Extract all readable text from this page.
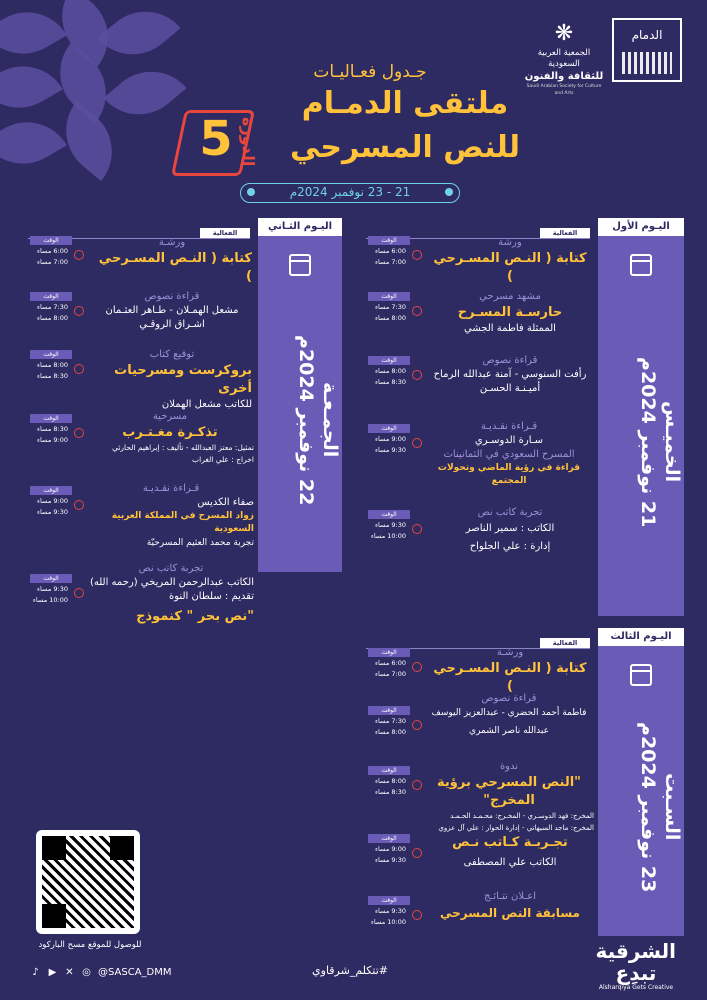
الدمام
❋
الجمعية العربية السعودية
للثقافة والفنون
Saudi Arabian Society for Culture and Arts
جـدول فعـاليـات
ملتقى الدمـام
للنص المسرحي
5 الدورة
21 - 23 نوفمبر 2024م
اليـوم الأول
الخميـس
21 نوفمبر 2024م
الفعالية
الوقت
6:00 مساء
7:00 مساء
ورشة
كتابة ( النـص المسـرحي )
الوقت
7:30 مساء
8:00 مساء
مشهد مسرحي
حارسـة المسـرح
الممثلة فاطمة الجشي
الوقت
8:00 مساء
8:30 مساء
قراءة نصوص
رأفت السنوسي - آمنة عبدالله الرماح
أميـنـة الحسـن
الوقت
9:00 مساء
9:30 مساء
قـراءة نقـديـة
سـارة الدوسـري
المسرح السعودي في الثمانينات
قراءة في رؤية الماضي وتحولات المجتمع
الوقت
9:30 مساء
10:00 مساء
تجربة كاتب نص
الكاتب : سمير الناصر
إدارة : علي الجلواح
اليـوم الثـاني
الجمـعـة
22 نوفمبر 2024م
الفعالية
الوقت
6:00 مساء
7:00 مساء
ورشـة
كتابة ( النـص المسـرحي )
الوقت
7:30 مساء
8:00 مساء
قراءة نصوص
مشعل الهمـلان - طـاهر العثـمان
اشـراق الروقـي
الوقت
8:00 مساء
8:30 مساء
توقيع كتاب
بروكرست ومسرحيات أخرى
للكاتب مشعل الهملان
الوقت
8:30 مساء
9:00 مساء
مسرحية
تذكـرة مغـتـرب
تمثيل: معتز العبدالله - تأليف : إبراهيم الحارثي
اخراج : علي الغراب
الوقت
9:00 مساء
9:30 مساء
قـراءة نقـديـة
صفاء الكديس
زواد المسرح في المملكة العربية السعودية
تجربة محمد العثيم المسرحيّة
الوقت
9:30 مساء
10:00 مساء
تجربة كاتب نص
الكاتب عبدالرحمن المريخي (رحمه الله)
تقديم : سلطان النوة
"نص بحر " كنموذج
اليـوم الثالث
السـبت
23 نوفمبر 2024م
الفعالية
الوقت
6:00 مساء
7:00 مساء
ورشـة
كتابة ( النـص المسـرحي )
الوقت
7:30 مساء
8:00 مساء
قراءة نصوص
فاطمة أحمد الحضري - عبدالعزيز اليوسف
عبدالله ناصر الشمري
الوقت
8:00 مساء
8:30 مساء
ندوة
"النص المسرحي برؤية المخرج"
المخرج: فهد الدوسـري - المخـرج: محـمـد الحـمـد
المخرج: ماجد السيهاتي - إدارة الحوار : علي آل عزوي
الوقت
9:00 مساء
9:30 مساء
تجـربـة كـاتب نـص
الكاتب علي المصطفى
الوقت
9:30 مساء
10:00 مساء
اعـلان نتـائـج
مسابقة النص المسرحي
للوصول للموقع مسح الباركود
♪ ▶ ✕ ◎ @SASCA_DMM	#تتكلم_شرقاوي
الشرقية
تبدِع
Alsharqiya Gets Creative
